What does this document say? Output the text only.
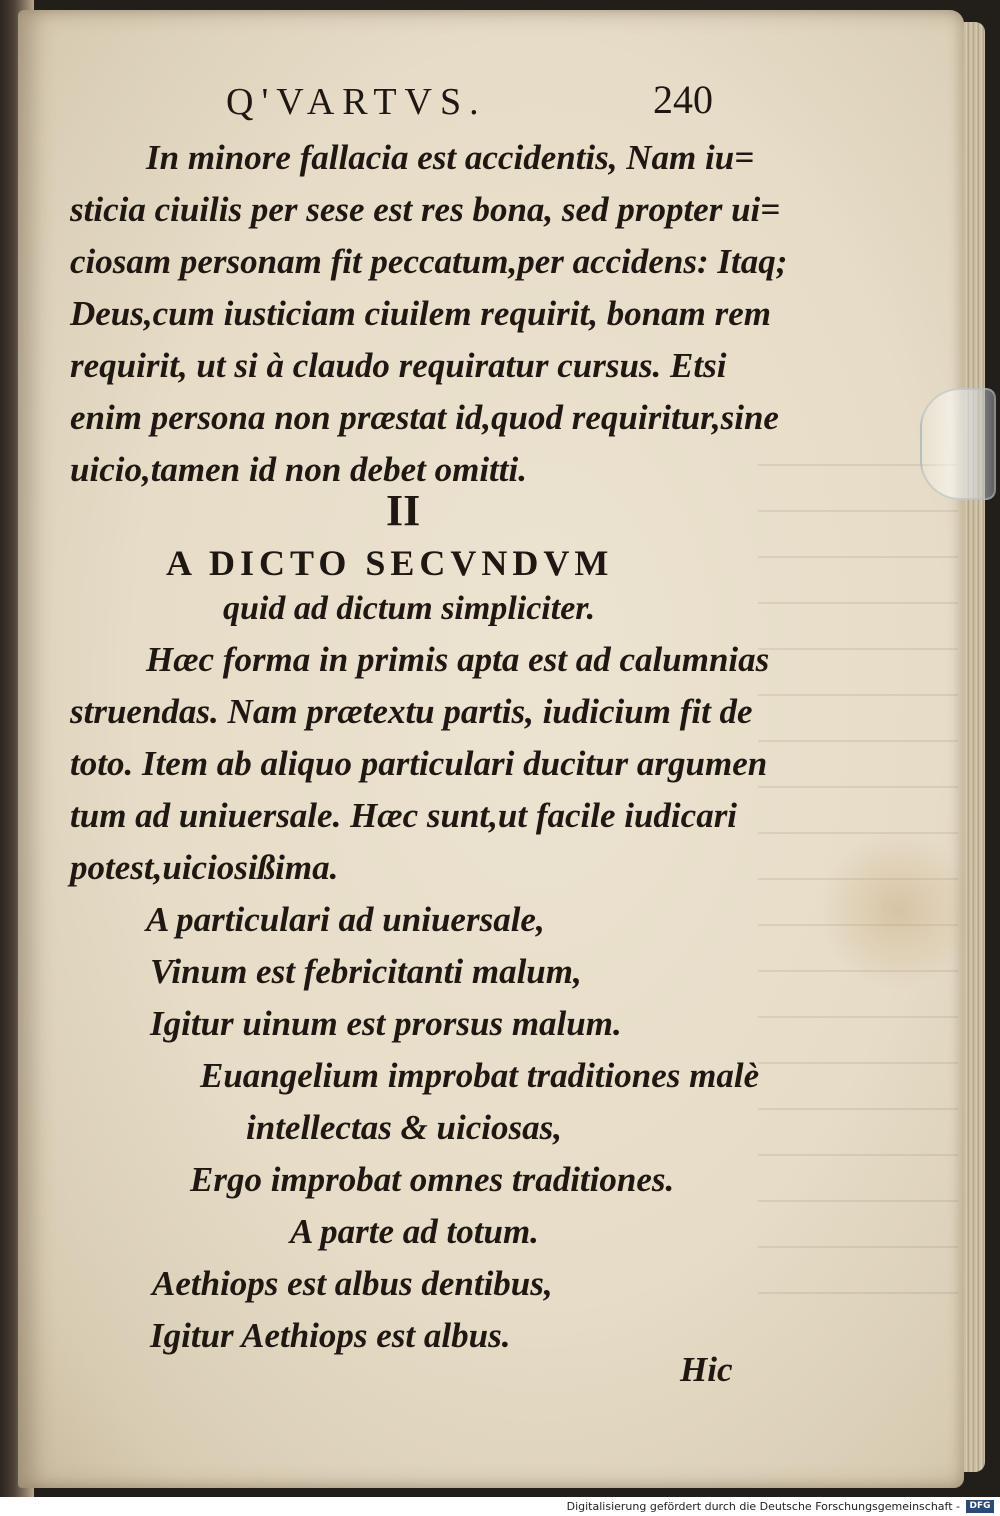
Q'VARTVS.	240
In minore fallacia est accidentis, Nam iu=
sticia ciuilis per sese est res bona, sed propter ui=
ciosam personam fit peccatum,per accidens: Itaq;
Deus,cum iusticiam ciuilem requirit, bonam rem
requirit, ut si à claudo requiratur cursus. Etsi
enim persona non præstat id,quod requiritur,sine
uicio,tamen id non debet omitti.
II
A DICTO SECVNDVM
quid ad dictum simpliciter.
Hæc forma in primis apta est ad calumnias
struendas. Nam prætextu partis, iudicium fit de
toto. Item ab aliquo particulari ducitur argumen
tum ad uniuersale. Hæc sunt,ut facile iudicari
potest,uiciosißima.
A particulari ad uniuersale,
Vinum est febricitanti malum,
Igitur uinum est prorsus malum.
Euangelium improbat traditiones malè
intellectas & uiciosas,
Ergo improbat omnes traditiones.
A parte ad totum.
Aethiops est albus dentibus,
Igitur Aethiops est albus.
Hic
Digitalisierung gefördert durch die Deutsche Forschungsgemeinschaft -	DFG
